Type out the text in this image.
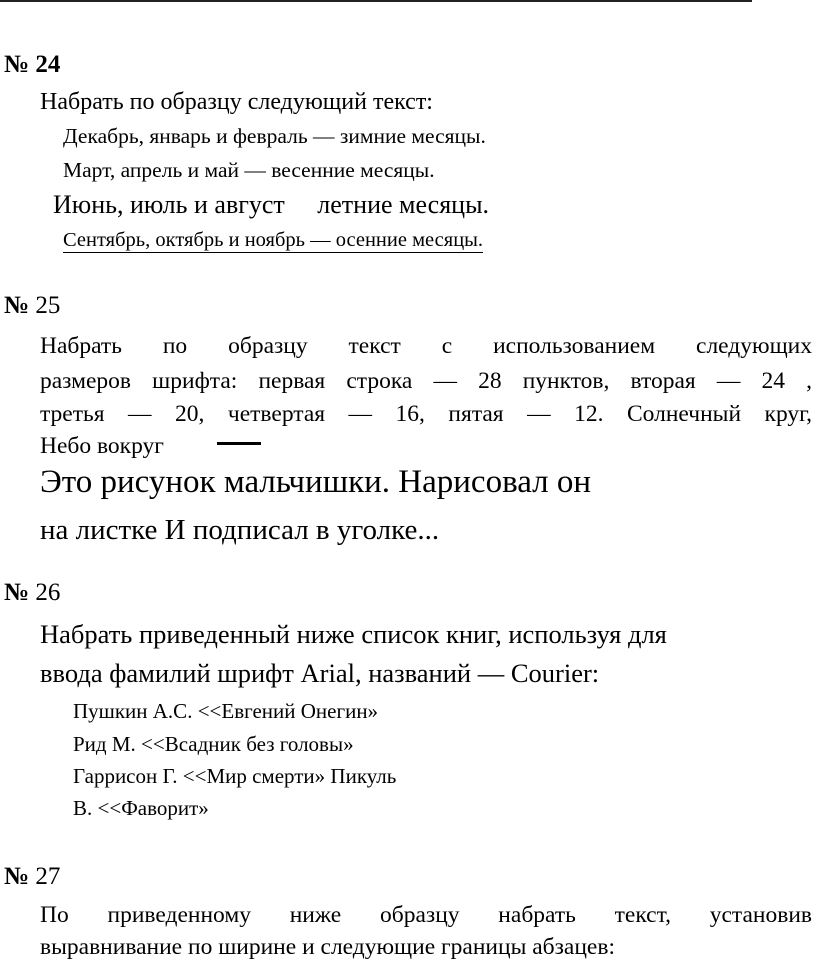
№ 24
Набрать по образцу следующий текст:
Декабрь, январь и февраль — зимние месяцы.
Март, апрель и май — весенние месяцы.
Июнь, июль и август     летние месяцы.
Сентябрь, октябрь и ноябрь — осенние месяцы.
№ 25
Набрать по образцу текст с использованием следующих
размеров шрифта: первая строка — 28 пунктов, вторая — 24 ,
третья — 20, четвертая — 16, пятая — 12. Солнечный круг,
Небо вокруг
Это рисунок мальчишки. Нарисовал он
на листке И подписал в уголке...
№ 26
Набрать приведенный ниже список книг, используя для
ввода фамилий шрифт Arial, названий — Courier:
Пушкин А.С. <<Евгений Онегин»
Рид М. <<Всадник без головы»
Гаррисон Г. <<Мир смерти» Пикуль
В. <<Фаворит»
№ 27
По приведенному ниже образцу набрать текст, установив
выравнивание по ширине и следующие границы абзацев:
